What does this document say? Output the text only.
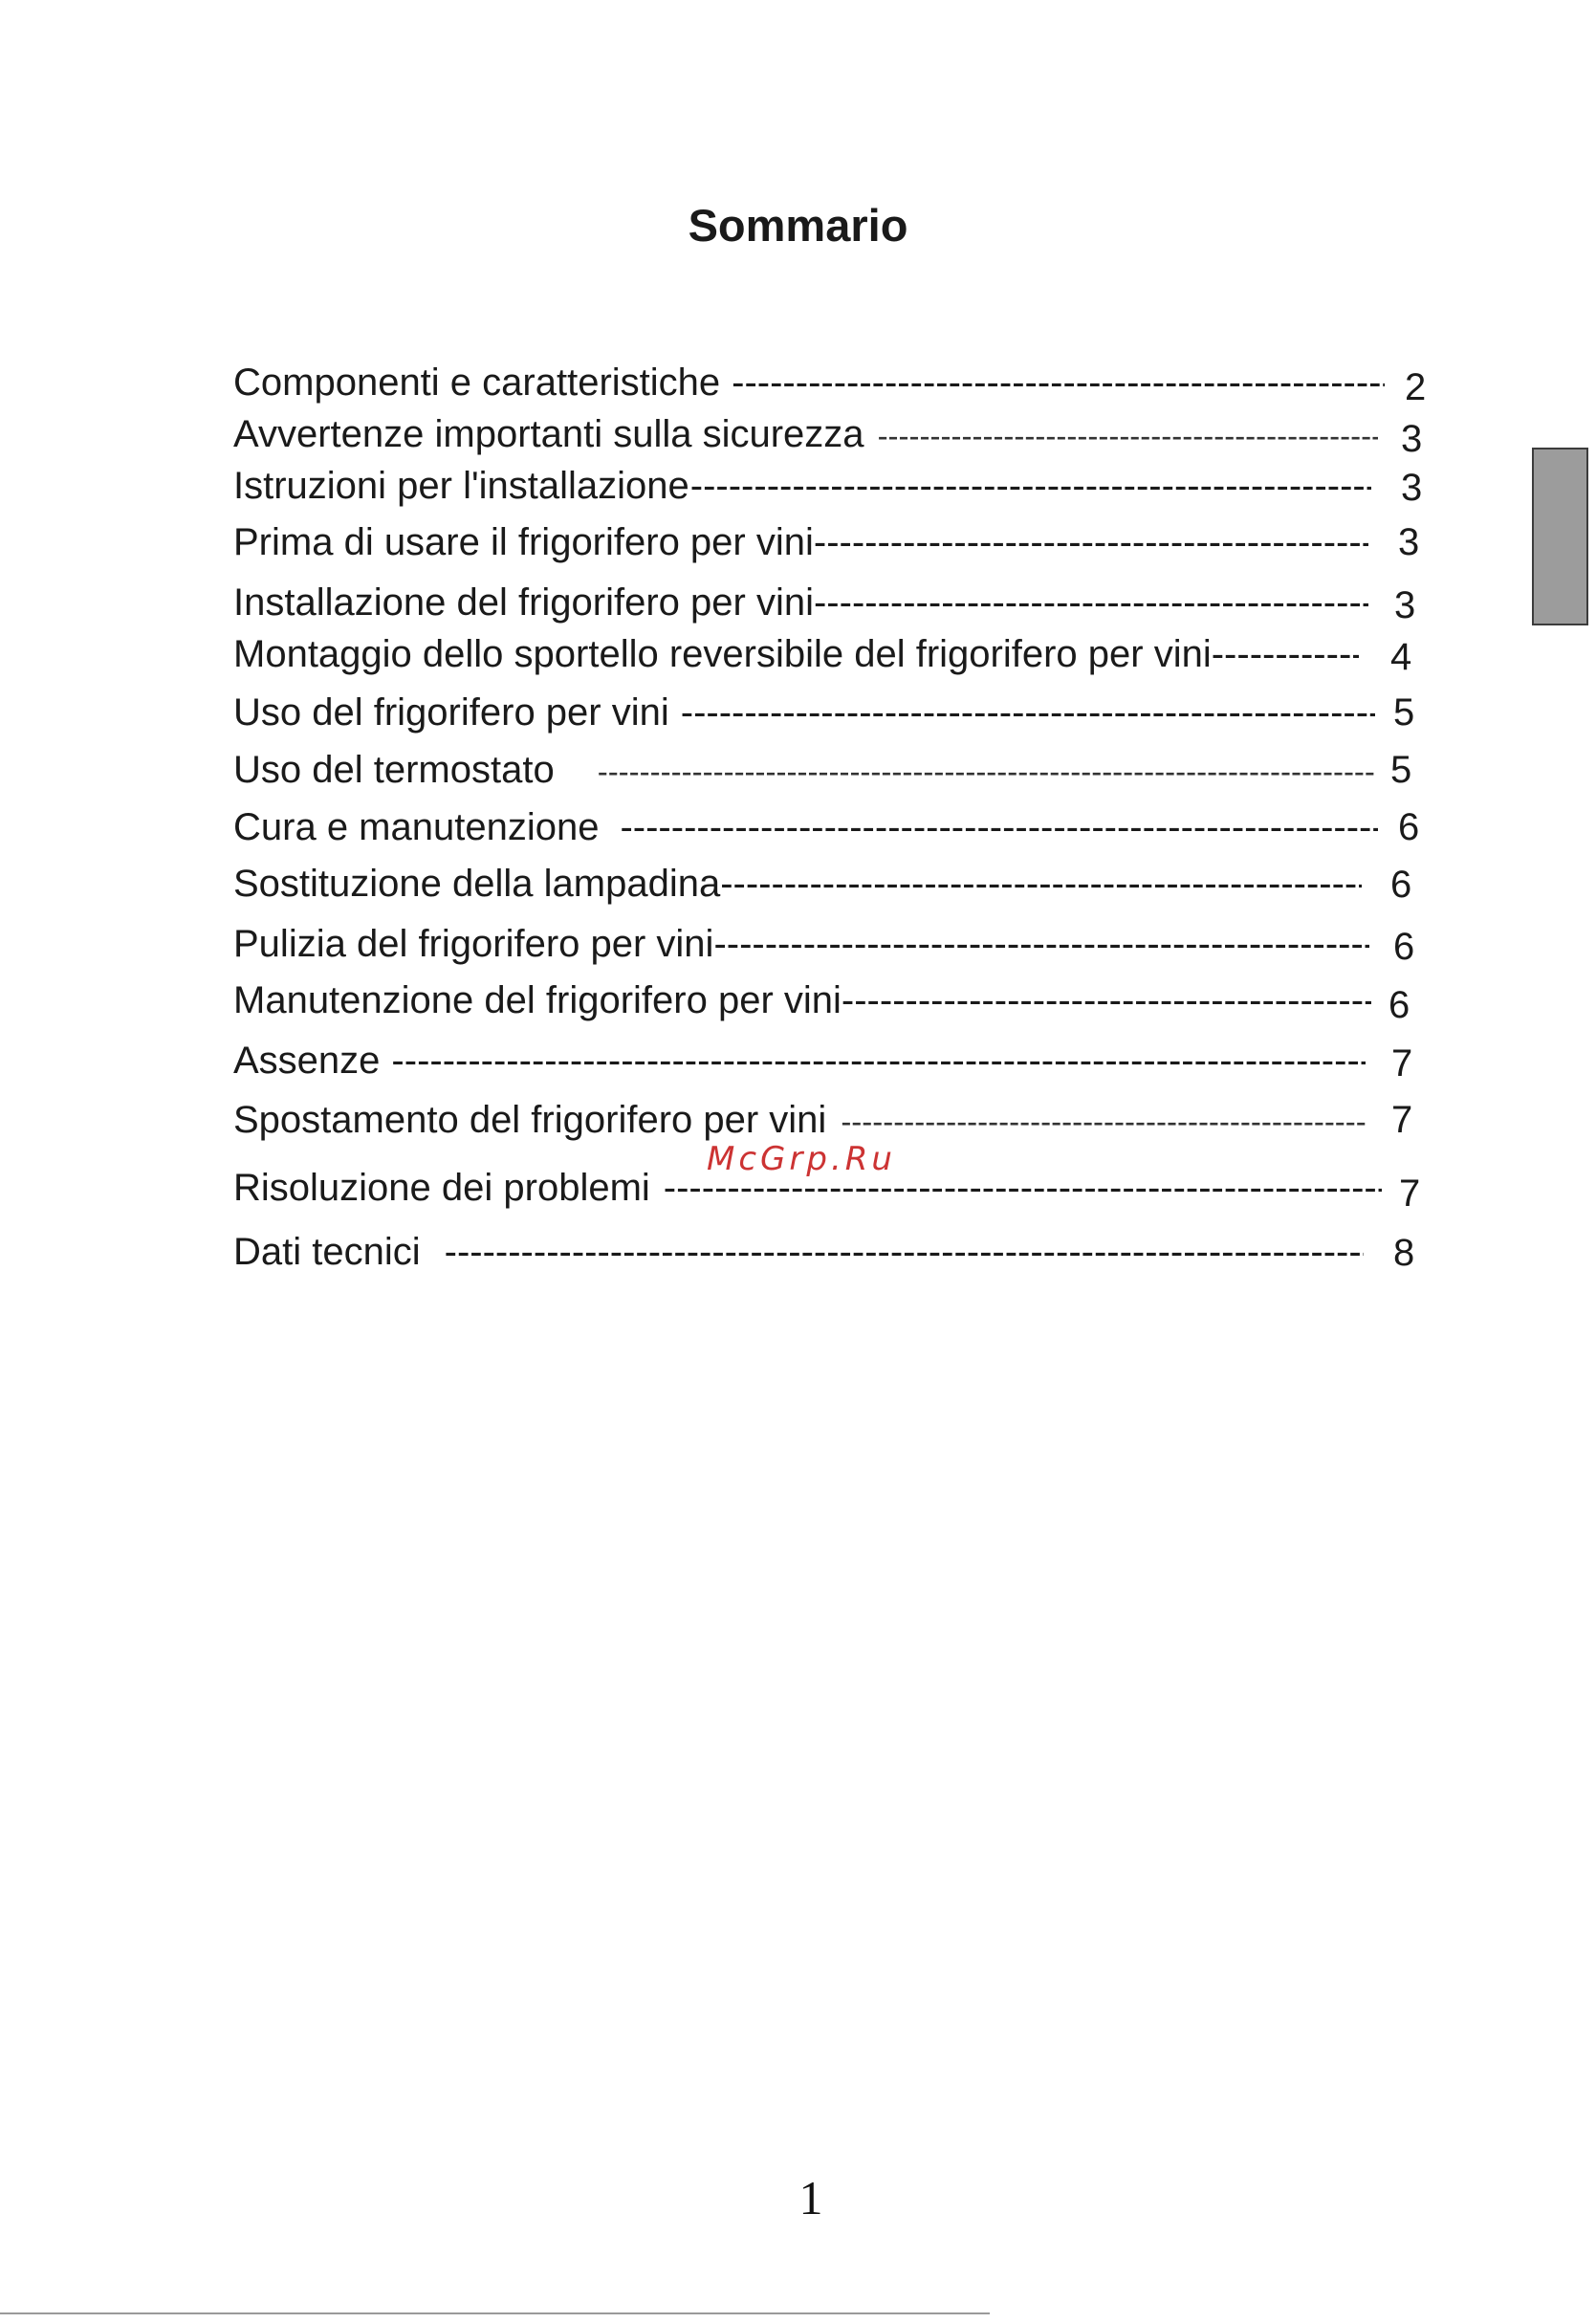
Sommario
Componenti e caratteristiche -----	2
Avvertenze importanti sulla sicurezza -----	3
Istruzioni per l'installazione -----	3
Prima di usare il frigorifero per vini -----	3
Installazione del frigorifero per vini -----	3
Montaggio dello sportello reversibile del frigorifero per vini -----	4
Uso del frigorifero per vini -----	5
Uso del termostato -----	5
Cura e manutenzione -----	6
Sostituzione della lampadina -----	6
Pulizia del frigorifero per vini -----	6
Manutenzione del frigorifero per vini -----	6
Assenze -----	7
Spostamento del frigorifero per vini -----	7
Risoluzione dei problemi -----	7
Dati tecnici -----	8
McGrp.Ru
1
